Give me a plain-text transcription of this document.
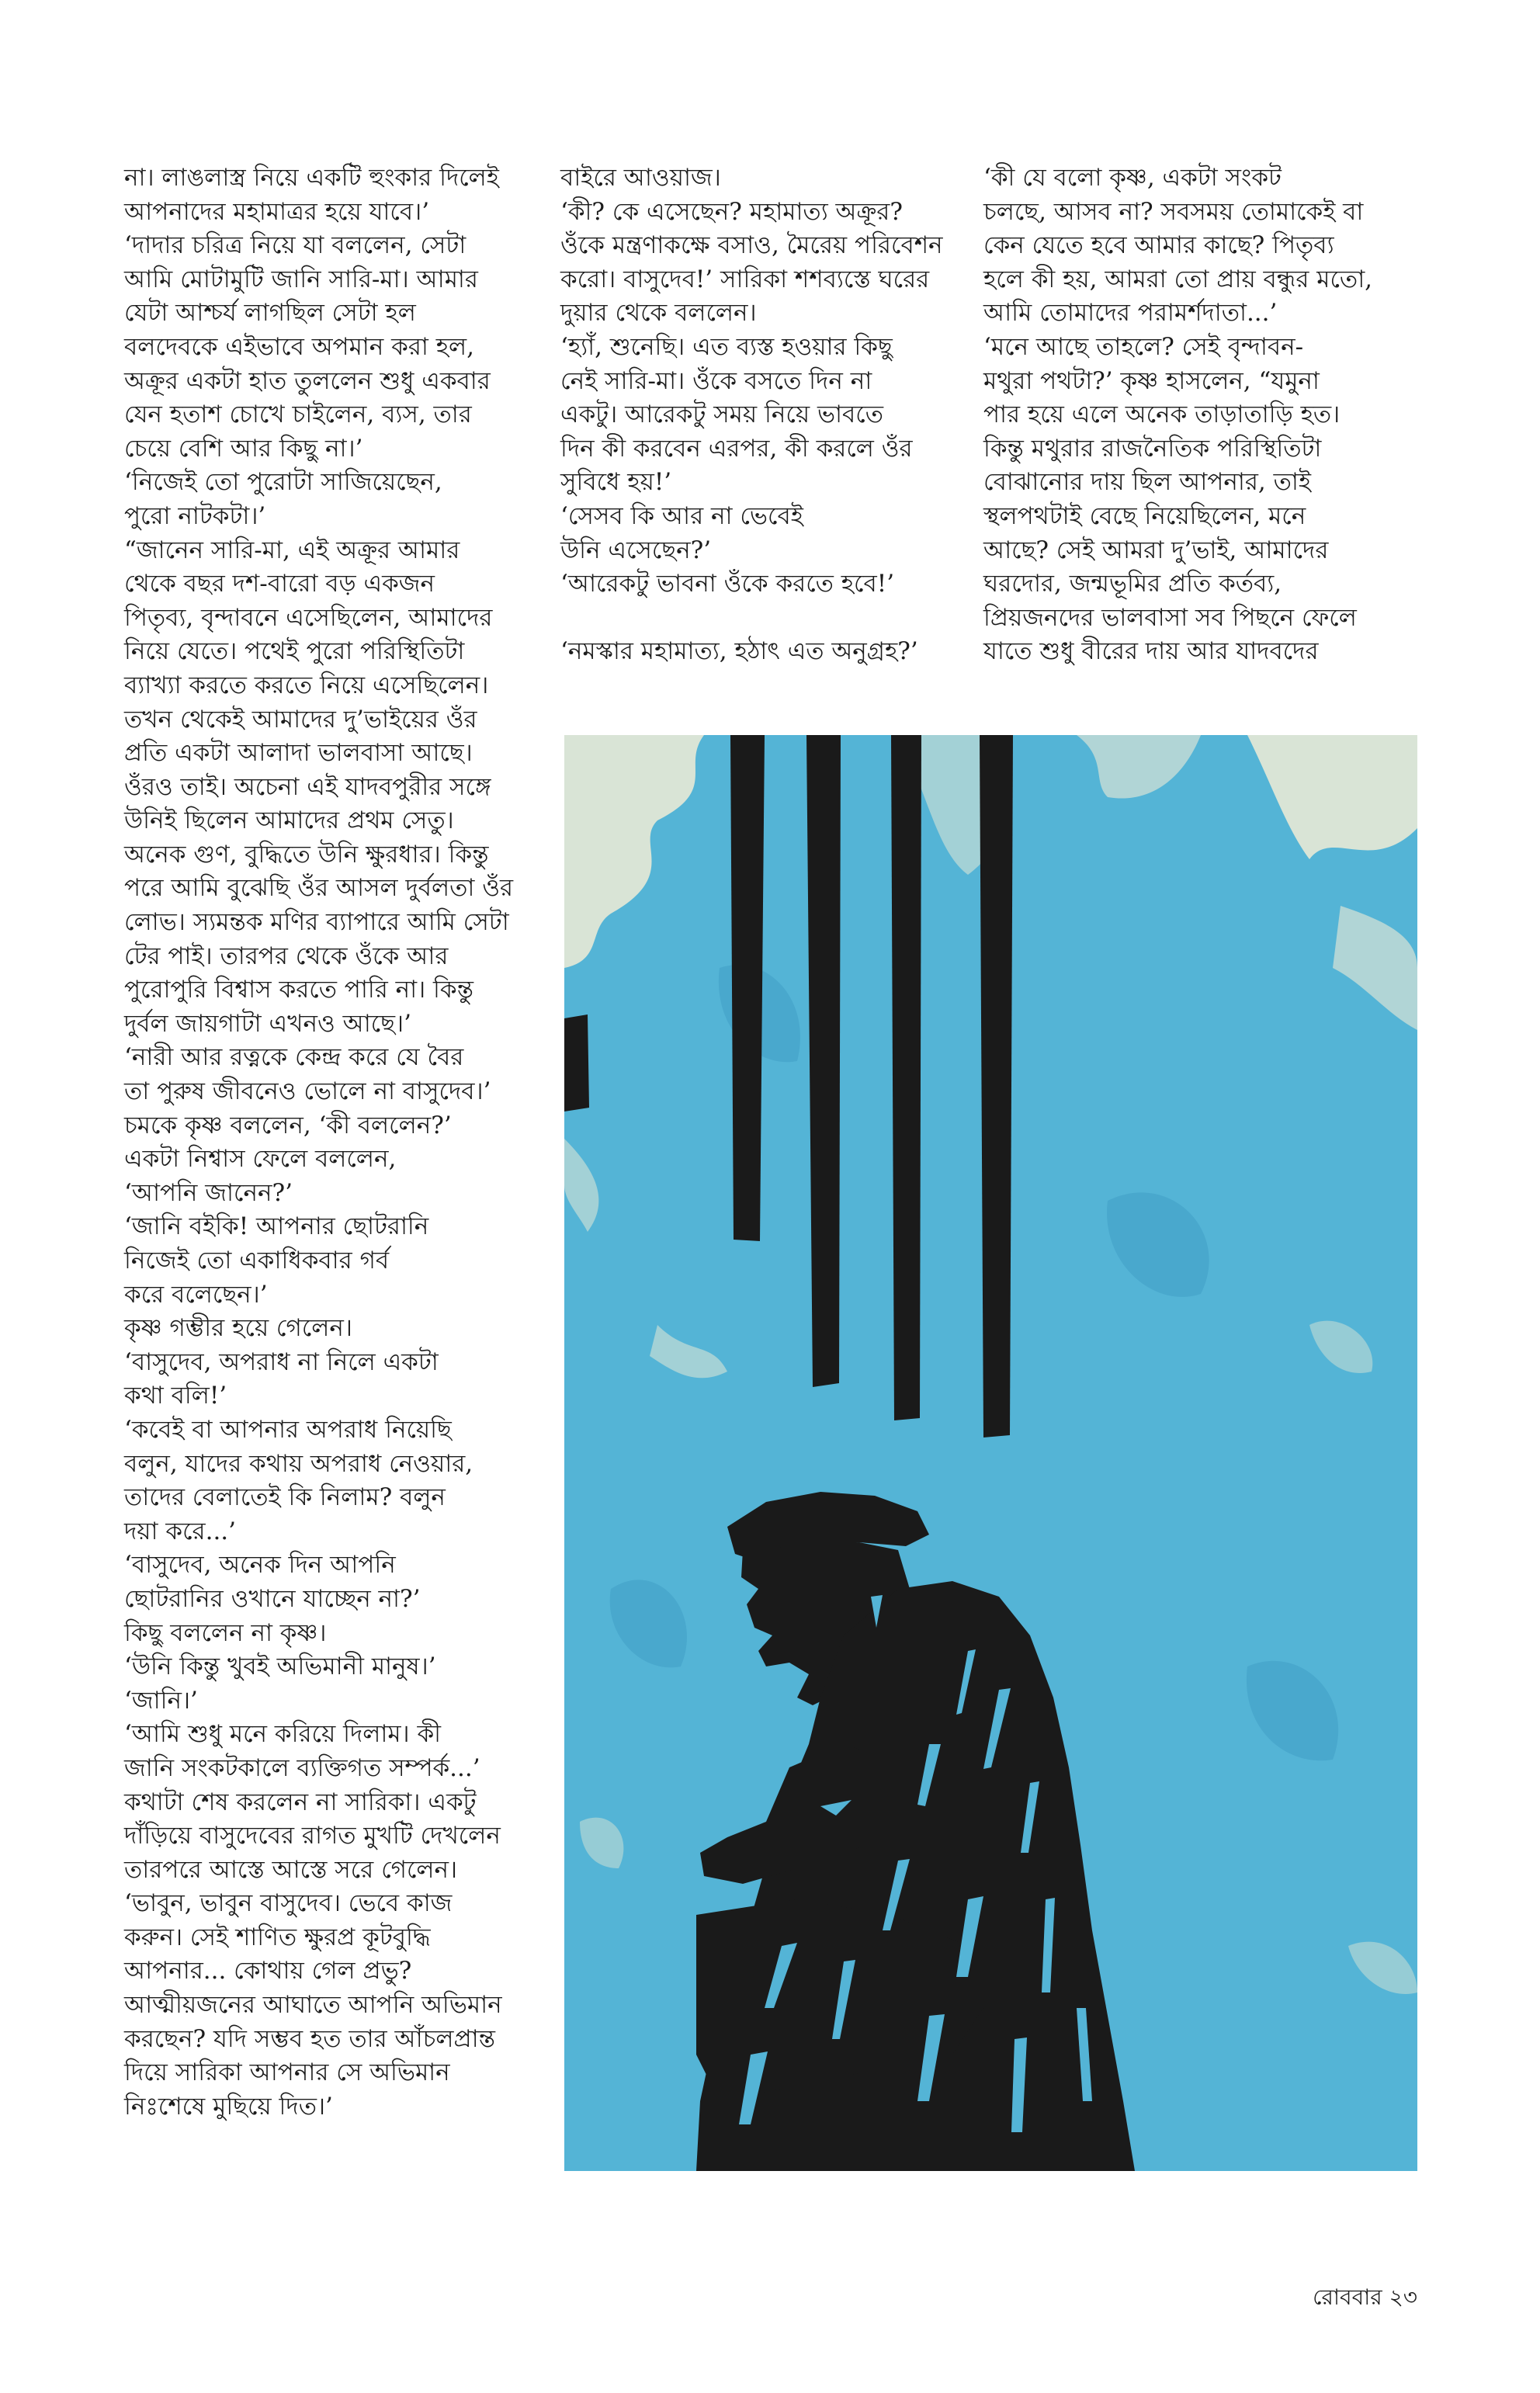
না। লাঙলাস্ত্র নিয়ে একটি হুংকার দিলেই

আপনাদের মহামাত্রর হয়ে যাবে।’

‘দাদার চরিত্র নিয়ে যা বললেন, সেটা

আমি মোটামুটি জানি সারি-মা। আমার

যেটা আশ্চর্য লাগছিল সেটা হল

বলদেবকে এইভাবে অপমান করা হল,

অক্রূর একটা হাত তুললেন শুধু একবার

যেন হতাশ চোখে চাইলেন, ব্যস, তার

চেয়ে বেশি আর কিছু না।’

‘নিজেই তো পুরোটা সাজিয়েছেন,

পুরো নাটকটা।’

“জানেন সারি-মা, এই অক্রূর আমার

থেকে বছর দশ-বারো বড় একজন

পিতৃব্য, বৃন্দাবনে এসেছিলেন, আমাদের

নিয়ে যেতে। পথেই পুরো পরিস্থিতিটা

ব্যাখ্যা করতে করতে নিয়ে এসেছিলেন।

তখন থেকেই আমাদের দু’ভাইয়ের ওঁর

প্রতি একটা আলাদা ভালবাসা আছে।

ওঁরও তাই। অচেনা এই যাদবপুরীর সঙ্গে

উনিই ছিলেন আমাদের প্রথম সেতু।

অনেক গুণ, বুদ্ধিতে উনি ক্ষুরধার। কিন্তু

পরে আমি বুঝেছি ওঁর আসল দুর্বলতা ওঁর

লোভ। স্যমন্তক মণির ব্যাপারে আমি সেটা

টের পাই। তারপর থেকে ওঁকে আর

পুরোপুরি বিশ্বাস করতে পারি না। কিন্তু

দুর্বল জায়গাটা এখনও আছে।’

‘নারী আর রত্নকে কেন্দ্র করে যে বৈর

তা পুরুষ জীবনেও ভোলে না বাসুদেব।’

চমকে কৃষ্ণ বললেন, ‘কী বললেন?’

একটা নিশ্বাস ফেলে বললেন,

‘আপনি জানেন?’

‘জানি বইকি! আপনার ছোটরানি

নিজেই তো একাধিকবার গর্ব

করে বলেছেন।’

কৃষ্ণ গম্ভীর হয়ে গেলেন।

‘বাসুদেব, অপরাধ না নিলে একটা

কথা বলি!’

‘কবেই বা আপনার অপরাধ নিয়েছি

বলুন, যাদের কথায় অপরাধ নেওয়ার,

তাদের বেলাতেই কি নিলাম? বলুন

দয়া করে...’

‘বাসুদেব, অনেক দিন আপনি

ছোটরানির ওখানে যাচ্ছেন না?’

কিছু বললেন না কৃষ্ণ।

‘উনি কিন্তু খুবই অভিমানী মানুষ।’

‘জানি।’

‘আমি শুধু মনে করিয়ে দিলাম। কী

জানি সংকটকালে ব্যক্তিগত সম্পর্ক...’

কথাটা শেষ করলেন না সারিকা। একটু

দাঁড়িয়ে বাসুদেবের রাগত মুখটি দেখলেন

তারপরে আস্তে আস্তে সরে গেলেন।

‘ভাবুন, ভাবুন বাসুদেব। ভেবে কাজ

করুন। সেই শাণিত ক্ষুরপ্র কূটবুদ্ধি

আপনার... কোথায় গেল প্রভু?

আত্মীয়জনের আঘাতে আপনি অভিমান

করছেন? যদি সম্ভব হত তার আঁচলপ্রান্ত

দিয়ে সারিকা আপনার সে অভিমান

নিঃশেষে মুছিয়ে দিত।’

বাইরে আওয়াজ।

‘কী? কে এসেছেন? মহামাত্য অক্রূর?

ওঁকে মন্ত্রণাকক্ষে বসাও, মৈরেয় পরিবেশন

করো। বাসুদেব!’ সারিকা শশব্যস্তে ঘরের

দুয়ার থেকে বললেন।

‘হ্যাঁ, শুনেছি। এত ব্যস্ত হওয়ার কিছু

নেই সারি-মা। ওঁকে বসতে দিন না

একটু। আরেকটু সময় নিয়ে ভাবতে

দিন কী করবেন এরপর, কী করলে ওঁর

সুবিধে হয়!’

‘সেসব কি আর না ভেবেই

উনি এসেছেন?’

‘আরেকটু ভাবনা ওঁকে করতে হবে!’

‘নমস্কার মহামাত্য, হঠাৎ এত অনুগ্রহ?’

‘কী যে বলো কৃষ্ণ, একটা সংকট

চলছে, আসব না? সবসময় তোমাকেই বা

কেন যেতে হবে আমার কাছে? পিতৃব্য

হলে কী হয়, আমরা তো প্রায় বন্ধুর মতো,

আমি তোমাদের পরামর্শদাতা...’

‘মনে আছে তাহলে? সেই বৃন্দাবন-

মথুরা পথটা?’ কৃষ্ণ হাসলেন, “যমুনা

পার হয়ে এলে অনেক তাড়াতাড়ি হত।

কিন্তু মথুরার রাজনৈতিক পরিস্থিতিটা

বোঝানোর দায় ছিল আপনার, তাই

স্থলপথটাই বেছে নিয়েছিলেন, মনে

আছে? সেই আমরা দু’ভাই, আমাদের

ঘরদোর, জন্মভূমির প্রতি কর্তব্য,

প্রিয়জনদের ভালবাসা সব পিছনে ফেলে

যাতে শুধু বীরের দায় আর যাদবদের

রোববার ২৩
